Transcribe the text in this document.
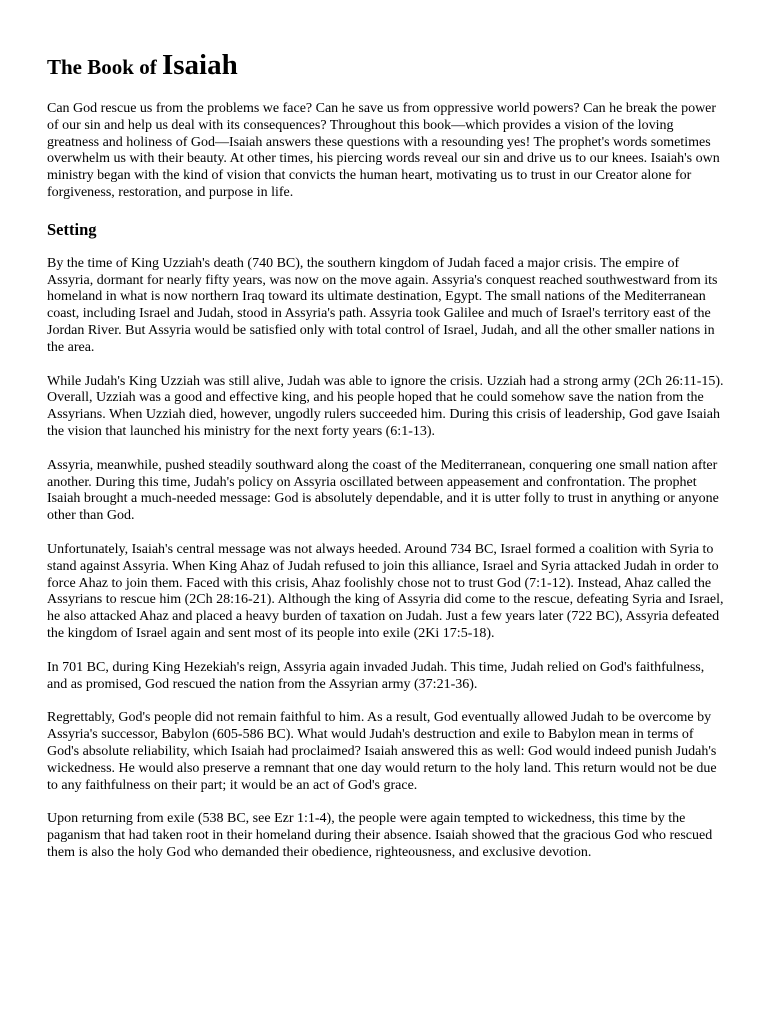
The Book of Isaiah

Can God rescue us from the problems we face? Can he save us from oppressive world powers? Can he break the power of our sin and help us deal with its consequences? Throughout this book—which provides a vision of the loving greatness and holiness of God—Isaiah answers these questions with a resounding yes! The prophet's words sometimes overwhelm us with their beauty. At other times, his piercing words reveal our sin and drive us to our knees. Isaiah's own ministry began with the kind of vision that convicts the human heart, motivating us to trust in our Creator alone for forgiveness, restoration, and purpose in life.

Setting

By the time of King Uzziah's death (740 BC), the southern kingdom of Judah faced a major crisis. The empire of Assyria, dormant for nearly fifty years, was now on the move again. Assyria's conquest reached southwestward from its homeland in what is now northern Iraq toward its ultimate destination, Egypt. The small nations of the Mediterranean coast, including Israel and Judah, stood in Assyria's path. Assyria took Galilee and much of Israel's territory east of the Jordan River. But Assyria would be satisfied only with total control of Israel, Judah, and all the other smaller nations in the area.

While Judah's King Uzziah was still alive, Judah was able to ignore the crisis. Uzziah had a strong army (2Ch 26:11-15). Overall, Uzziah was a good and effective king, and his people hoped that he could somehow save the nation from the Assyrians. When Uzziah died, however, ungodly rulers succeeded him. During this crisis of leadership, God gave Isaiah the vision that launched his ministry for the next forty years (6:1-13).

Assyria, meanwhile, pushed steadily southward along the coast of the Mediterranean, conquering one small nation after another. During this time, Judah's policy on Assyria oscillated between appeasement and confrontation. The prophet Isaiah brought a much-needed message: God is absolutely dependable, and it is utter folly to trust in anything or anyone other than God.

Unfortunately, Isaiah's central message was not always heeded. Around 734 BC, Israel formed a coalition with Syria to stand against Assyria. When King Ahaz of Judah refused to join this alliance, Israel and Syria attacked Judah in order to force Ahaz to join them. Faced with this crisis, Ahaz foolishly chose not to trust God (7:1-12). Instead, Ahaz called the Assyrians to rescue him (2Ch 28:16-21). Although the king of Assyria did come to the rescue, defeating Syria and Israel, he also attacked Ahaz and placed a heavy burden of taxation on Judah. Just a few years later (722 BC), Assyria defeated the kingdom of Israel again and sent most of its people into exile (2Ki 17:5-18).

In 701 BC, during King Hezekiah's reign, Assyria again invaded Judah. This time, Judah relied on God's faithfulness, and as promised, God rescued the nation from the Assyrian army (37:21-36).

Regrettably, God's people did not remain faithful to him. As a result, God eventually allowed Judah to be overcome by Assyria's successor, Babylon (605-586 BC). What would Judah's destruction and exile to Babylon mean in terms of God's absolute reliability, which Isaiah had proclaimed? Isaiah answered this as well: God would indeed punish Judah's wickedness. He would also preserve a remnant that one day would return to the holy land. This return would not be due to any faithfulness on their part; it would be an act of God's grace.

Upon returning from exile (538 BC, see Ezr 1:1-4), the people were again tempted to wickedness, this time by the paganism that had taken root in their homeland during their absence. Isaiah showed that the gracious God who rescued them is also the holy God who demanded their obedience, righteousness, and exclusive devotion.
